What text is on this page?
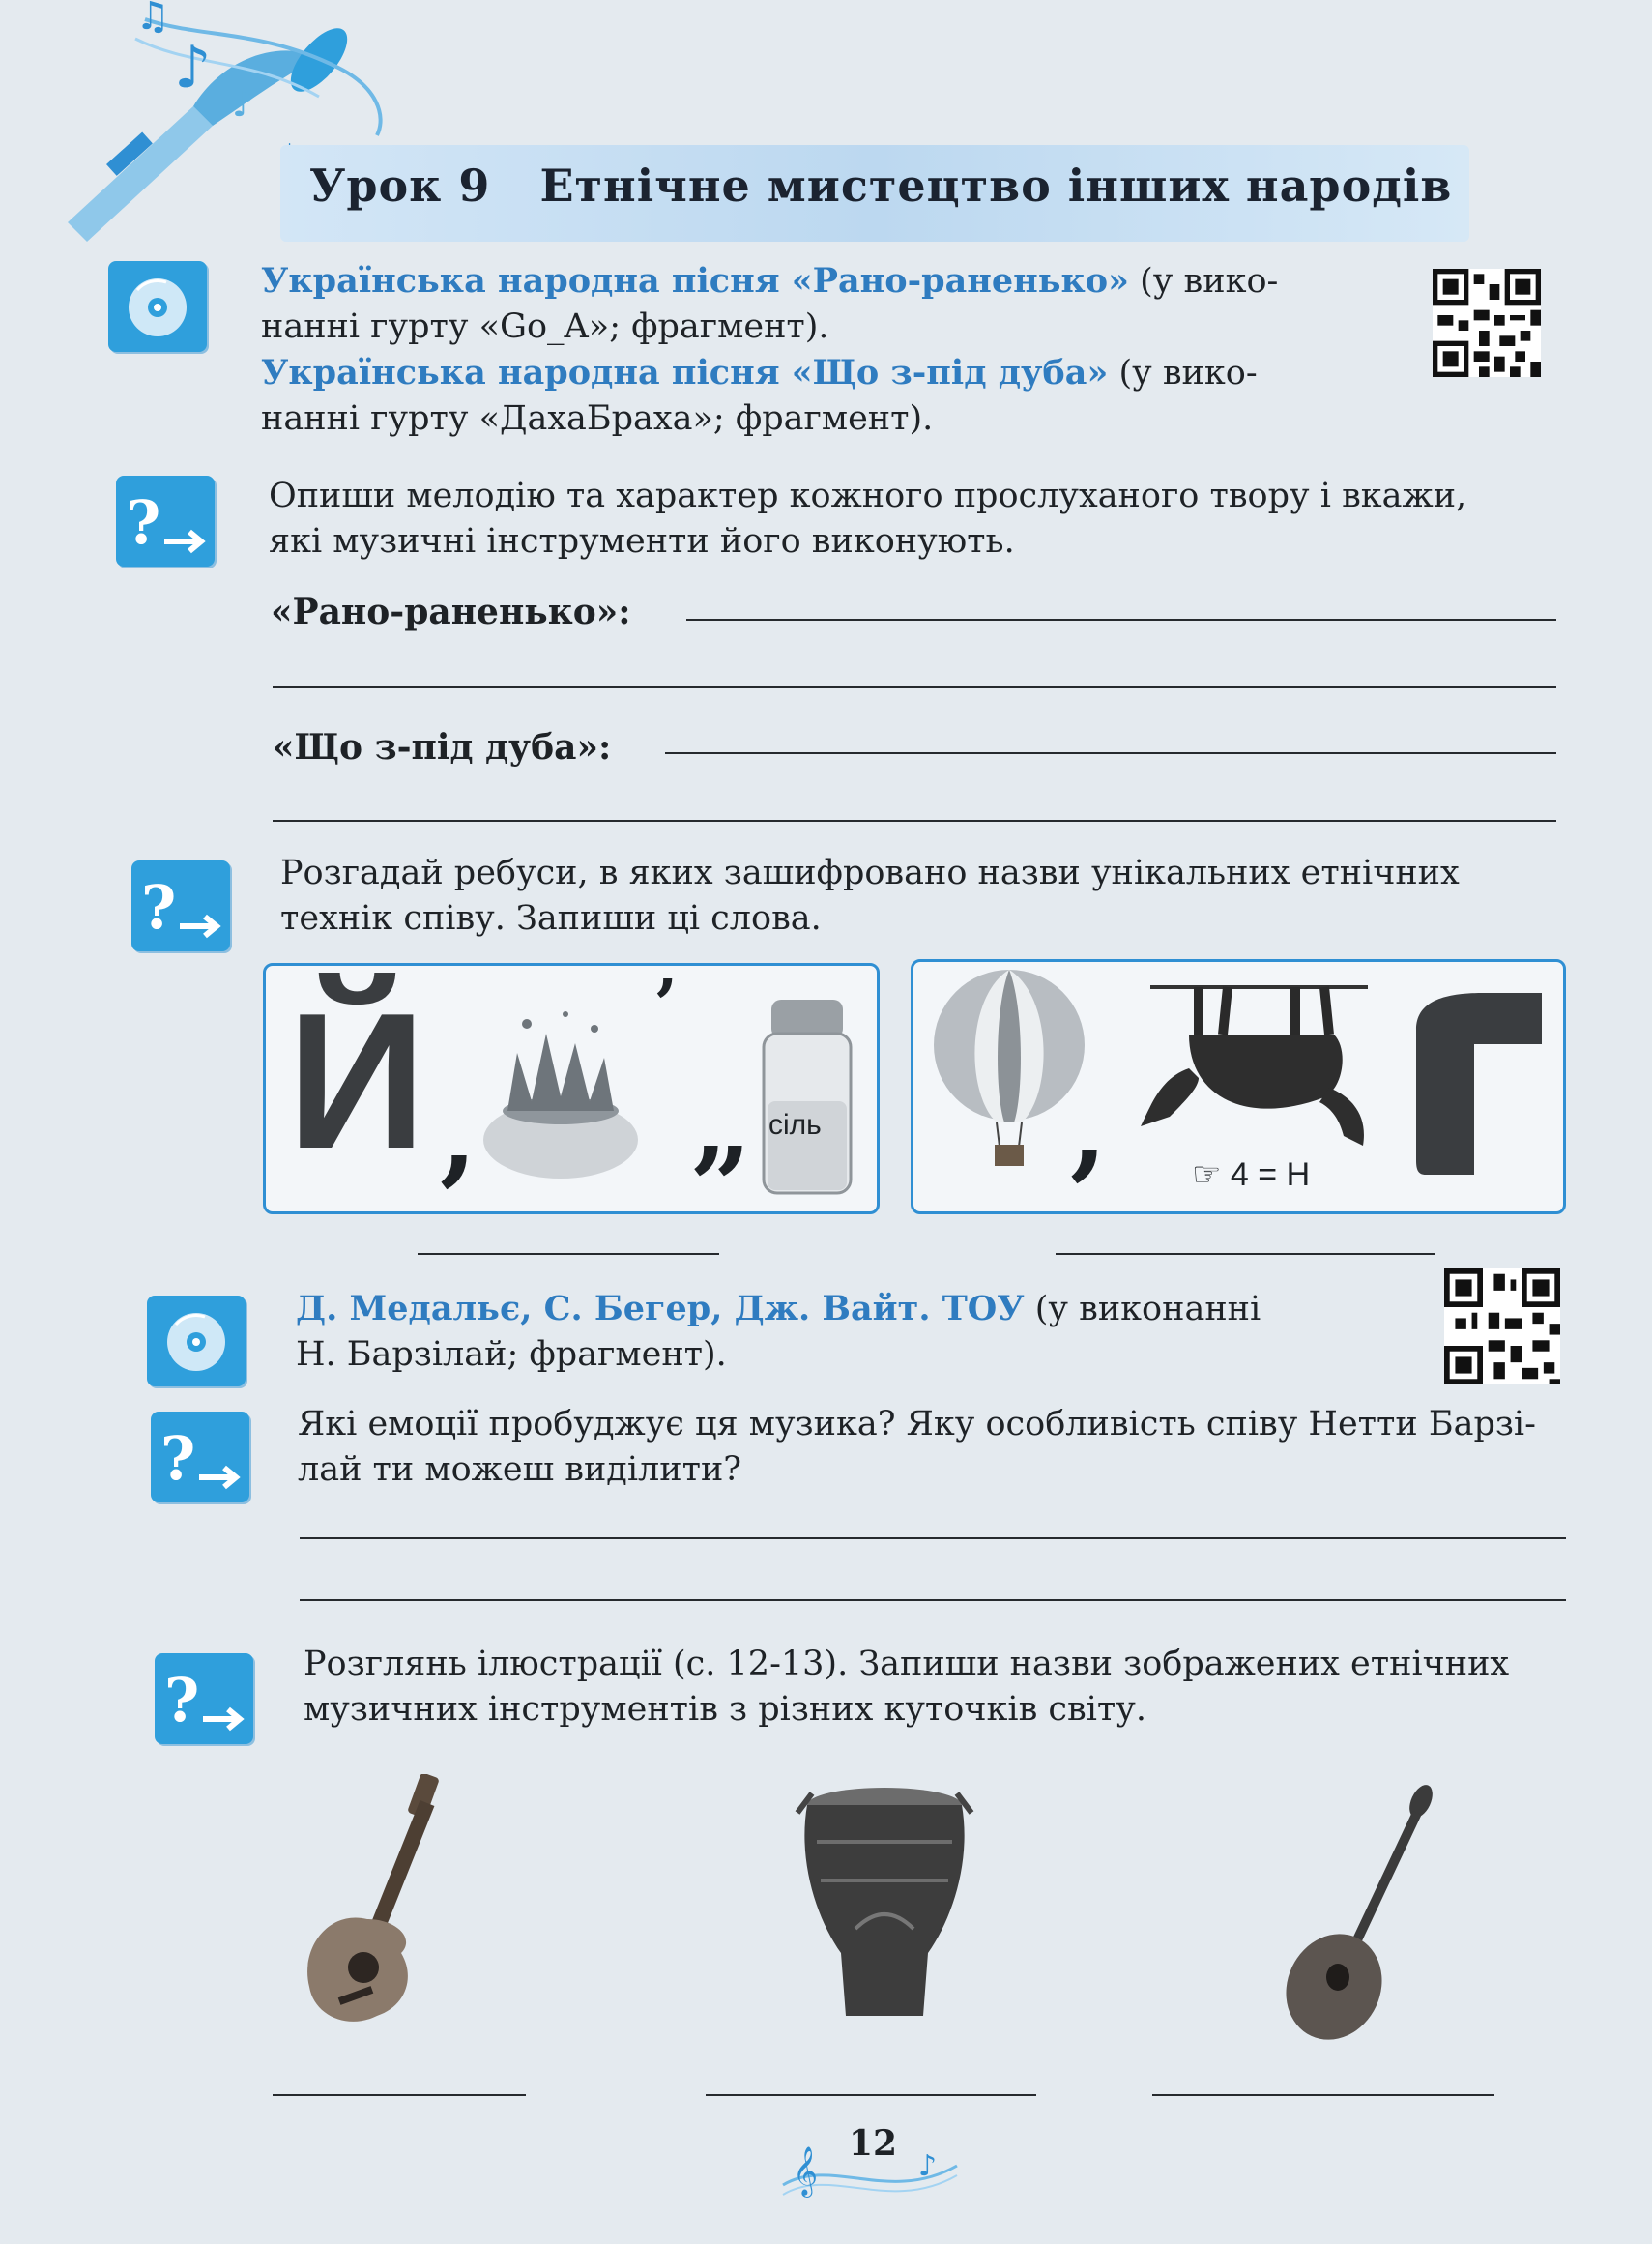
♪
♫
♪
Урок 9 Етнічне мистецтво інших народів
Українська народна пісня «Рано-раненько» (у вико-
нанні гурту «Go_A»; фрагмент).
Українська народна пісня «Що з-під дуба» (у вико-
нанні гурту «ДахаБраха»; фрагмент).
?	Опиши мелодію та характер кожного прослуханого твору і вкажи,
які музичні інструменти його виконують.
«Рано-раненько»:
«Що з-під дуба»:
?	Розгадай ребуси, в яких зашифровано назви унікальних етнічних
технік співу. Запиши ці слова.
Й ,
ʼ
„ сіль ,	☞ 4 = Н
Д. Медальє, С. Бегер, Дж. Вайт. ТОУ (у виконанні
Н. Барзілай; фрагмент).
?	Які емоції пробуджує ця музика? Яку особливість співу Нетти Барзі-
лай ти можеш виділити?
?
Розглянь ілюстрації (с. 12-13). Запиши назви зображених етнічних
музичних інструментів з різних куточків світу.
𝄞	♪
12
